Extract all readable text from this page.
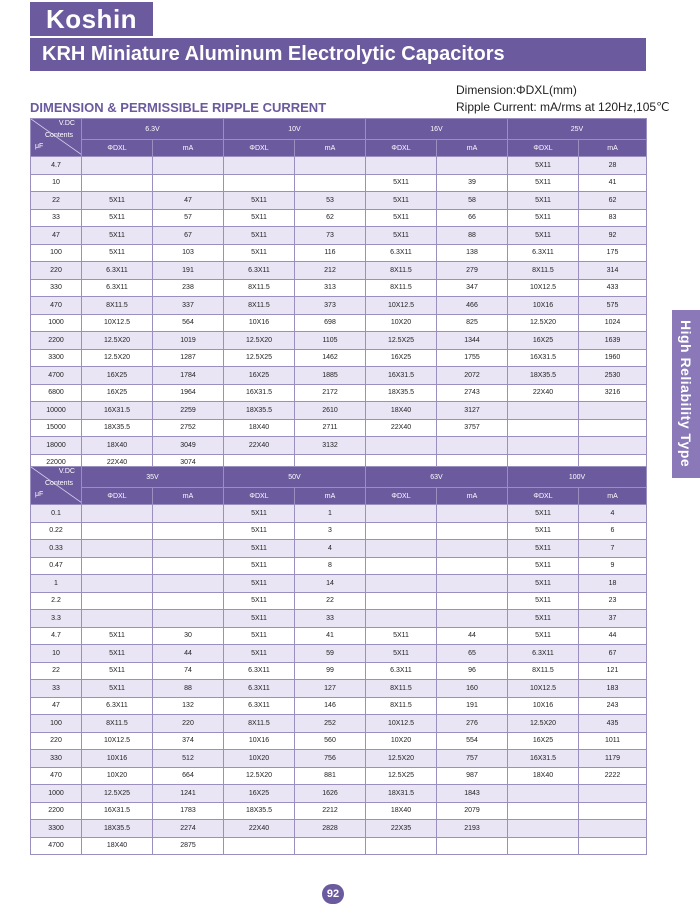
Koshin
KRH Miniature Aluminum Electrolytic Capacitors
Dimension:ΦDXL(mm)
DIMENSION & PERMISSIBLE RIPPLE CURRENT	Ripple Current: mA/rms at 120Hz,105℃
High Reliability Type
V.DC
Contents
μF	6.3V		10V		16V		25V	
	ΦDXL	mA	ΦDXL	mA	ΦDXL	mA	ΦDXL	mA
4.7							5X11	28
10					5X11	39	5X11	41
22	5X11	47	5X11	53	5X11	58	5X11	62
33	5X11	57	5X11	62	5X11	66	5X11	83
47	5X11	67	5X11	73	5X11	88	5X11	92
100	5X11	103	5X11	116	6.3X11	138	6.3X11	175
220	6.3X11	191	6.3X11	212	8X11.5	279	8X11.5	314
330	6.3X11	238	8X11.5	313	8X11.5	347	10X12.5	433
470	8X11.5	337	8X11.5	373	10X12.5	466	10X16	575
1000	10X12.5	564	10X16	698	10X20	825	12.5X20	1024
2200	12.5X20	1019	12.5X20	1105	12.5X25	1344	16X25	1639
3300	12.5X20	1287	12.5X25	1462	16X25	1755	16X31.5	1960
4700	16X25	1784	16X25	1885	16X31.5	2072	18X35.5	2530
6800	16X25	1964	16X31.5	2172	18X35.5	2743	22X40	3216
10000	16X31.5	2259	18X35.5	2610	18X40	3127		
15000	18X35.5	2752	18X40	2711	22X40	3757		
18000	18X40	3049	22X40	3132				
22000	22X40	3074						
V.DC
Contents
μF	35V		50V		63V		100V	
	ΦDXL	mA	ΦDXL	mA	ΦDXL	mA	ΦDXL	mA
0.1			5X11	1			5X11	4
0.22			5X11	3			5X11	6
0.33			5X11	4			5X11	7
0.47			5X11	8			5X11	9
1			5X11	14			5X11	18
2.2			5X11	22			5X11	23
3.3			5X11	33			5X11	37
4.7	5X11	30	5X11	41	5X11	44	5X11	44
10	5X11	44	5X11	59	5X11	65	6.3X11	67
22	5X11	74	6.3X11	99	6.3X11	96	8X11.5	121
33	5X11	88	6.3X11	127	8X11.5	160	10X12.5	183
47	6.3X11	132	6.3X11	146	8X11.5	191	10X16	243
100	8X11.5	220	8X11.5	252	10X12.5	276	12.5X20	435
220	10X12.5	374	10X16	560	10X20	554	16X25	1011
330	10X16	512	10X20	756	12.5X20	757	16X31.5	1179
470	10X20	664	12.5X20	881	12.5X25	987	18X40	2222
1000	12.5X25	1241	16X25	1626	18X31.5	1843		
2200	16X31.5	1783	18X35.5	2212	18X40	2079		
3300	18X35.5	2274	22X40	2828	22X35	2193		
4700	18X40	2875						
92
